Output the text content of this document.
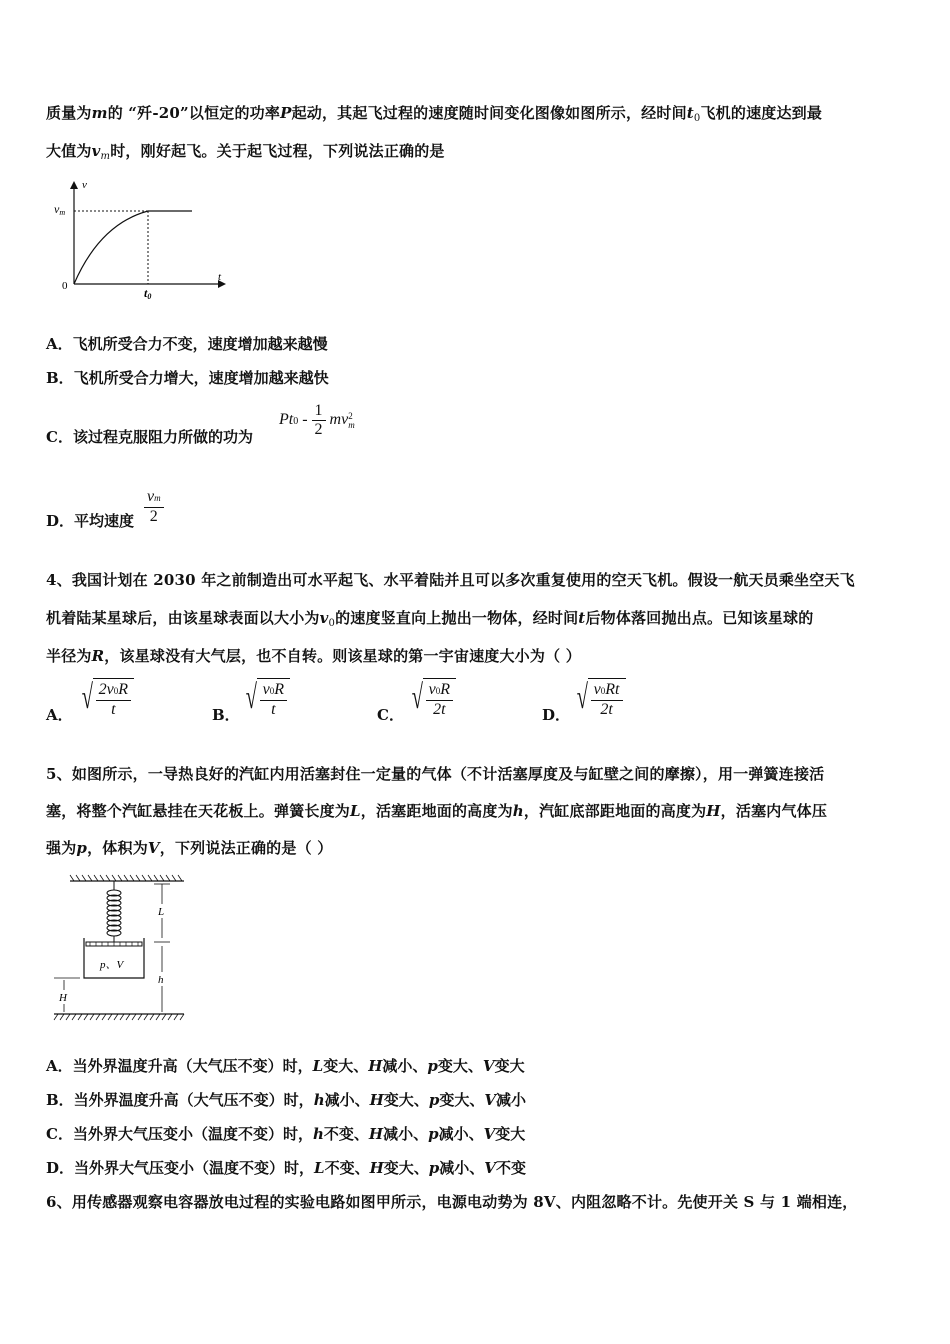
质量为m的 “歼-20”以恒定的功率P起动，其起飞过程的速度随时间变化图像如图所示，经时间$t_0$飞机的速度达到最
大值为$v_m$时，刚好起飞。关于起飞过程，下列说法正确的是
v
t
0
vm
t0
A．飞机所受合力不变，速度增加越来越慢
B．飞机所受合力增大，速度增加越来越快
C．该过程克服阻力所做的功为
$Pt0 - \frac{1}{2}$ mv 2
m
D．平均速度 $\frac{vm}{2}$
4、我国计划在 2030 年之前制造出可水平起飞、水平着陆并且可以多次重复使用的空天飞机。假设一航天员乘坐空天飞
机着陆某星球后，由该星球表面以大小为$v_0$的速度竖直向上抛出一物体，经时间t后物体落回抛出点。已知该星球的
半径为R，该星球没有大气层，也不自转。则该星球的第一宇宙速度大小为（ ）
A． √ $\frac{2v0R}{t}$	B． √ $\frac{v0R}{t}$	C． √ $\frac{v0R}{2t}$	D． √ $\frac{v0Rt}{2t}$
5、如图所示，一导热良好的汽缸内用活塞封住一定量的气体（不计活塞厚度及与缸壁之间的摩擦），用一弹簧连接活
塞，将整个汽缸悬挂在天花板上。弹簧长度为L，活塞距地面的高度为h，汽缸底部距地面的高度为H，活塞内气体压
强为p，体积为V，下列说法正确的是（ ）
p、V
L
h
H
A．当外界温度升高（大气压不变）时，L变大、H减小、p变大、V变大
B．当外界温度升高（大气压不变）时，h减小、H变大、p变大、V减小
C．当外界大气压变小（温度不变）时，h不变、H减小、p减小、V变大
D．当外界大气压变小（温度不变）时，L不变、H变大、p减小、V不变
6、用传感器观察电容器放电过程的实验电路如图甲所示，电源电动势为 8V、内阻忽略不计。先使开关 S 与 1 端相连，
